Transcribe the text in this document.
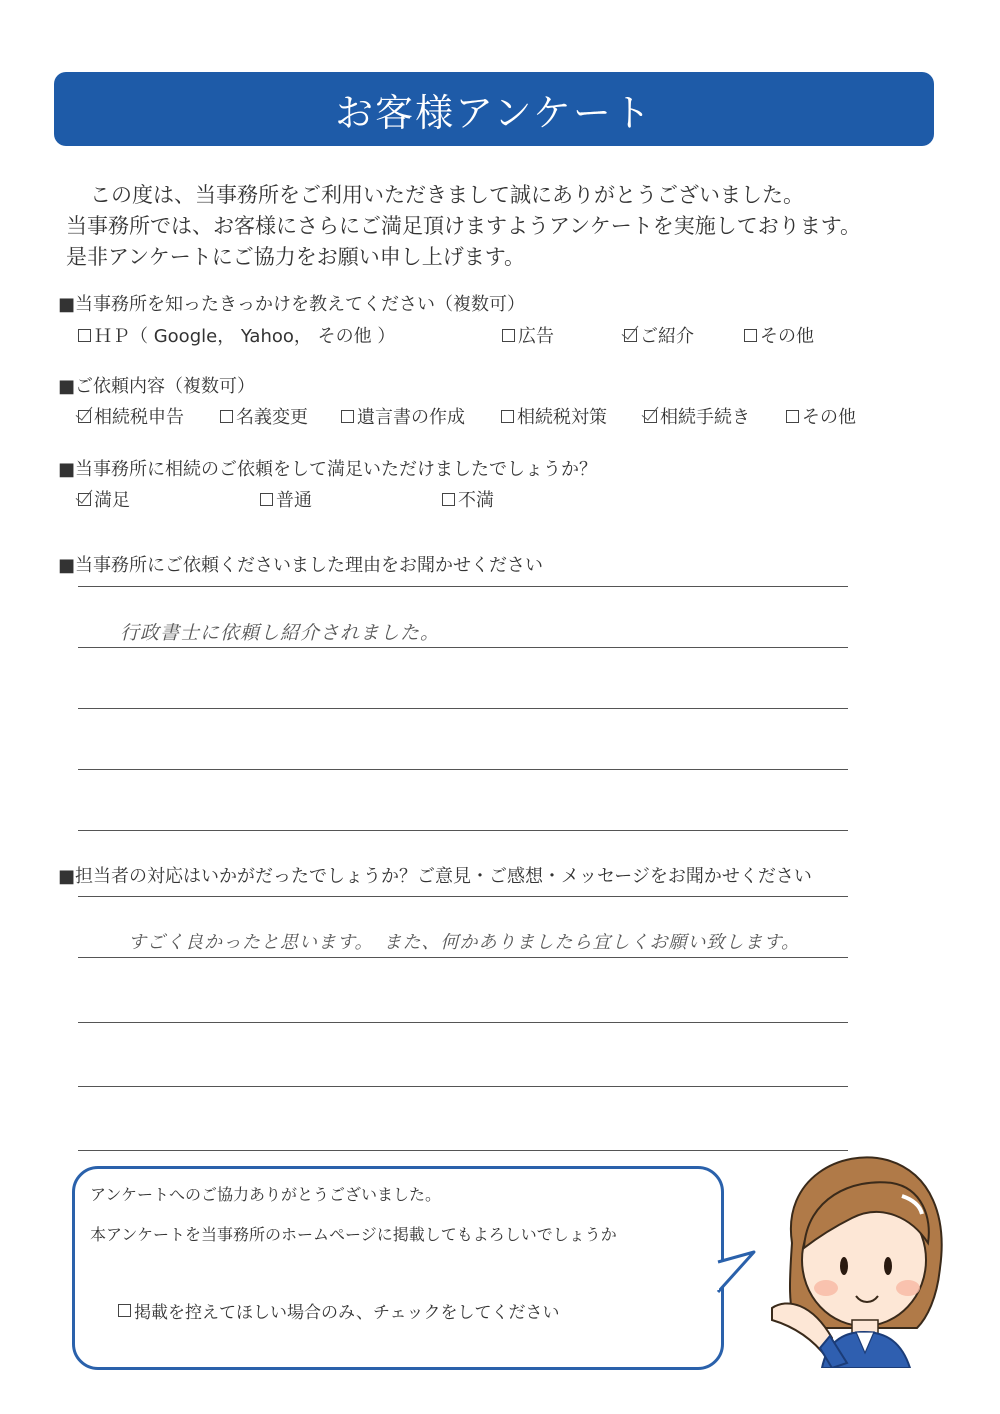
お客様アンケート

この度は、当事務所をご利用いただきまして誠にありがとうございました。

当事務所では、お客様にさらにご満足頂けますようアンケートを実施しております。

是非アンケートにご協力をお願い申し上げます。

■当事務所を知ったきっかけを教えてください（複数可）
ＨＰ（ Google， Yahoo， その他 ）	広告	ご紹介	その他
■ご依頼内容（複数可）
相続税申告	名義変更	遺言書の作成	相続税対策	相続手続き	その他
■当事務所に相続のご依頼をして満足いただけましたでしょうか？
満足	普通	不満
■当事務所にご依頼くださいました理由をお聞かせください
行政書士に依頼し紹介されました。
■担当者の対応はいかがだったでしょうか？ご意見・ご感想・メッセージをお聞かせください
すごく良かったと思います。　また、何かありましたら宜しくお願い致します。
アンケートへのご協力ありがとうございました。
本アンケートを当事務所のホームページに掲載してもよろしいでしょうか
掲載を控えてほしい場合のみ、チェックをしてください
